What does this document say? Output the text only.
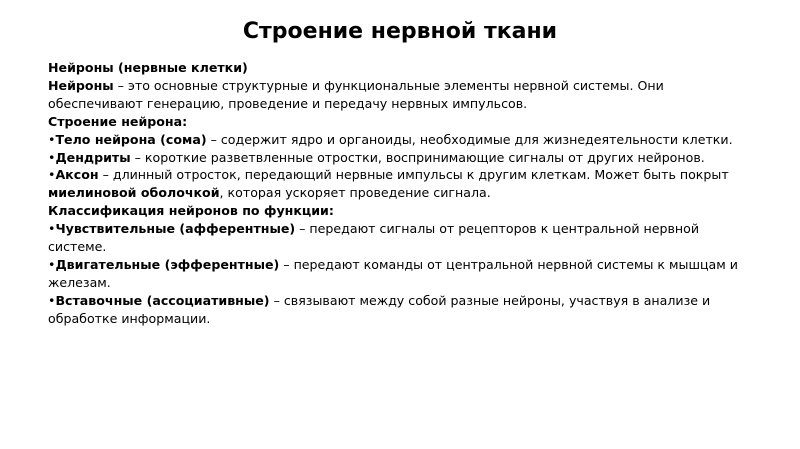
Строение нервной ткани
Нейроны (нервные клетки)
Нейроны – это основные структурные и функциональные элементы нервной системы. Они обеспечивают генерацию, проведение и передачу нервных импульсов.
Строение нейрона:
•Тело нейрона (сома) – содержит ядро и органоиды, необходимые для жизнедеятельности клетки.
•Дендриты – короткие разветвленные отростки, воспринимающие сигналы от других нейронов.
•Аксон – длинный отросток, передающий нервные импульсы к другим клеткам. Может быть покрыт миелиновой оболочкой, которая ускоряет проведение сигнала.
Классификация нейронов по функции:
•Чувствительные (афферентные) – передают сигналы от рецепторов к центральной нервной системе.
•Двигательные (эфферентные) – передают команды от центральной нервной системы к мышцам и железам.
•Вставочные (ассоциативные) – связывают между собой разные нейроны, участвуя в анализе и обработке информации.
